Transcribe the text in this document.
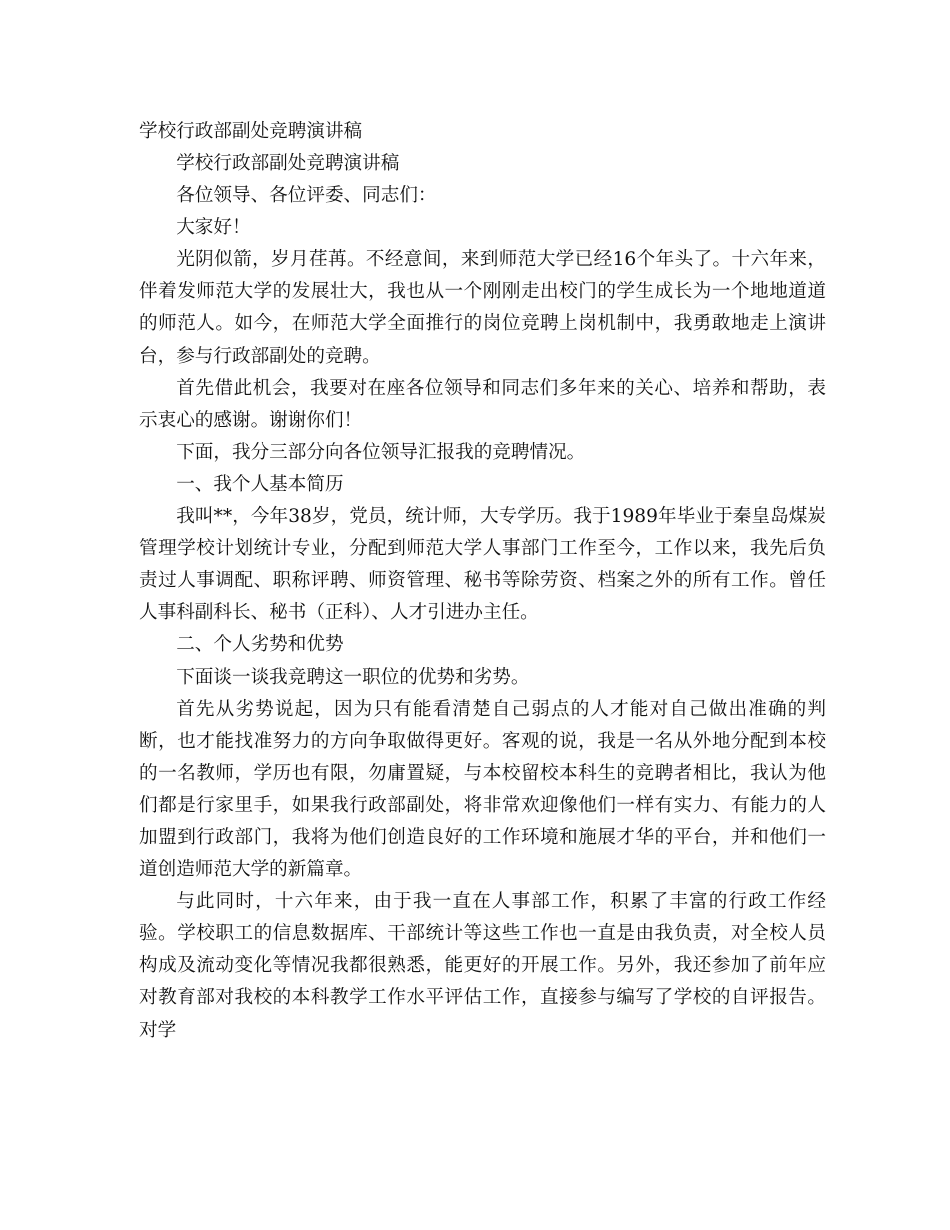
学校行政部副处竞聘演讲稿

学校行政部副处竞聘演讲稿

各位领导、各位评委、同志们：

大家好！

光阴似箭，岁月荏苒。不经意间，来到师范大学已经16个年头了。十六年来，伴着发师范大学的发展壮大，我也从一个刚刚走出校门的学生成长为一个地地道道的师范人。如今，在师范大学全面推行的岗位竞聘上岗机制中，我勇敢地走上演讲台，参与行政部副处的竞聘。

首先借此机会，我要对在座各位领导和同志们多年来的关心、培养和帮助，表示衷心的感谢。谢谢你们！

下面，我分三部分向各位领导汇报我的竞聘情况。

一、我个人基本简历

我叫**，今年38岁，党员，统计师，大专学历。我于1989年毕业于秦皇岛煤炭管理学校计划统计专业，分配到师范大学人事部门工作至今，工作以来，我先后负责过人事调配、职称评聘、师资管理、秘书等除劳资、档案之外的所有工作。曾任人事科副科长、秘书（正科）、人才引进办主任。

二、个人劣势和优势

下面谈一谈我竞聘这一职位的优势和劣势。

首先从劣势说起，因为只有能看清楚自己弱点的人才能对自己做出准确的判断，也才能找准努力的方向争取做得更好。客观的说，我是一名从外地分配到本校的一名教师，学历也有限，勿庸置疑，与本校留校本科生的竞聘者相比，我认为他们都是行家里手，如果我行政部副处，将非常欢迎像他们一样有实力、有能力的人加盟到行政部门，我将为他们创造良好的工作环境和施展才华的平台，并和他们一道创造师范大学的新篇章。

与此同时，十六年来，由于我一直在人事部工作，积累了丰富的行政工作经验。学校职工的信息数据库、干部统计等这些工作也一直是由我负责，对全校人员构成及流动变化等情况我都很熟悉，能更好的开展工作。另外，我还参加了前年应对教育部对我校的本科教学工作水平评估工作，直接参与编写了学校的自评报告。对学
